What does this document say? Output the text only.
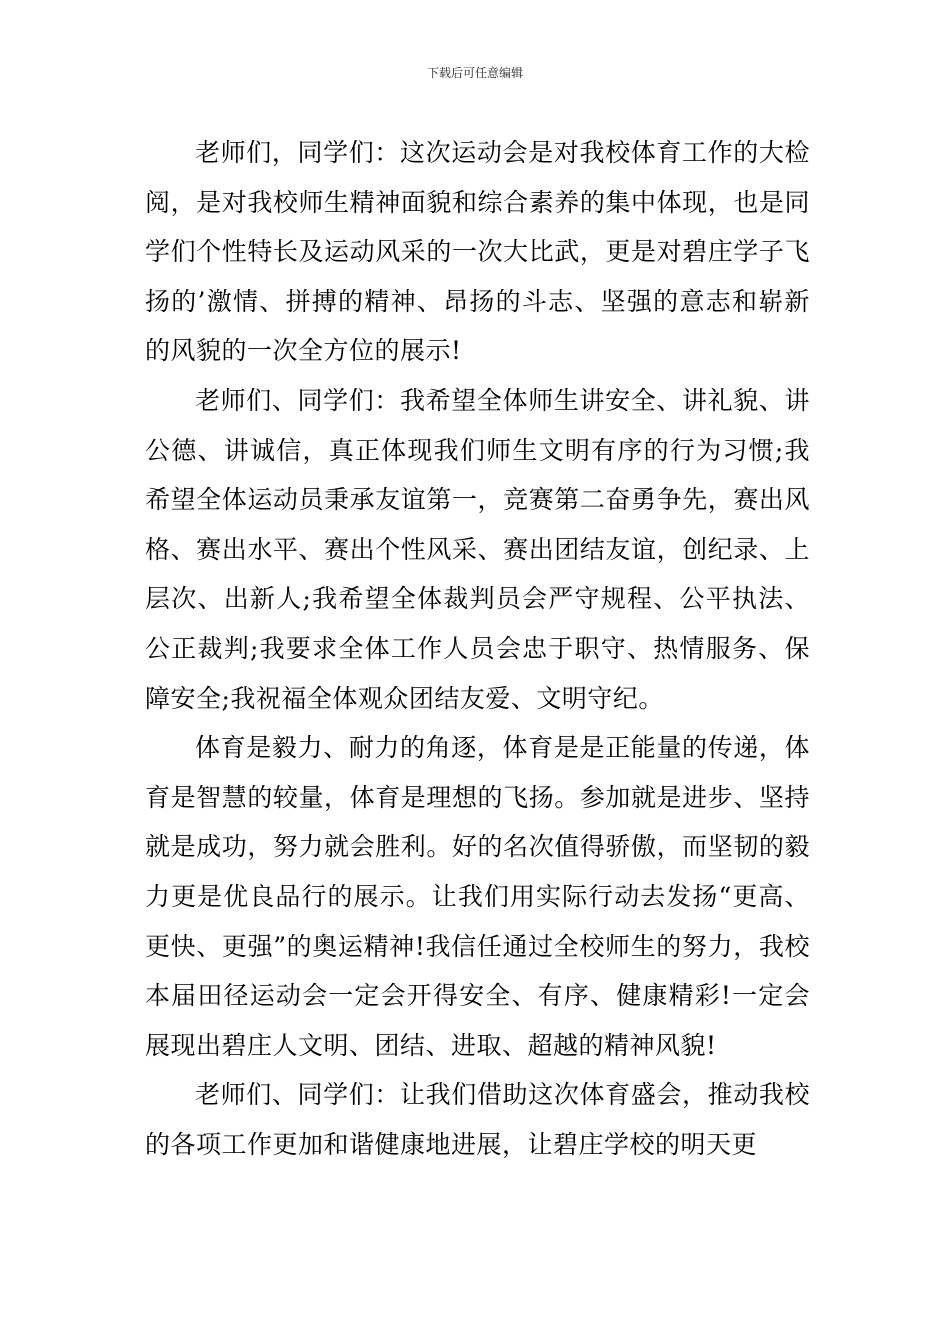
下载后可任意编辑

老师们，同学们：这次运动会是对我校体育工作的大检阅，是对我校师生精神面貌和综合素养的集中体现，也是同学们个性特长及运动风采的一次大比武，更是对碧庄学子飞扬的’激情、拼搏的精神、昂扬的斗志、坚强的意志和崭新的风貌的一次全方位的展示!

老师们、同学们：我希望全体师生讲安全、讲礼貌、讲公德、讲诚信，真正体现我们师生文明有序的行为习惯;我希望全体运动员秉承友谊第一，竞赛第二奋勇争先，赛出风格、赛出水平、赛出个性风采、赛出团结友谊，创纪录、上层次、出新人;我希望全体裁判员会严守规程、公平执法、公正裁判;我要求全体工作人员会忠于职守、热情服务、保障安全;我祝福全体观众团结友爱、文明守纪。

体育是毅力、耐力的角逐，体育是是正能量的传递，体育是智慧的较量，体育是理想的飞扬。参加就是进步、坚持就是成功，努力就会胜利。好的名次值得骄傲，而坚韧的毅力更是优良品行的展示。让我们用实际行动去发扬“更高、更快、更强”的奥运精神!我信任通过全校师生的努力，我校本届田径运动会一定会开得安全、有序、健康精彩!一定会展现出碧庄人文明、团结、进取、超越的精神风貌!

老师们、同学们：让我们借助这次体育盛会，推动我校的各项工作更加和谐健康地进展，让碧庄学校的明天更
